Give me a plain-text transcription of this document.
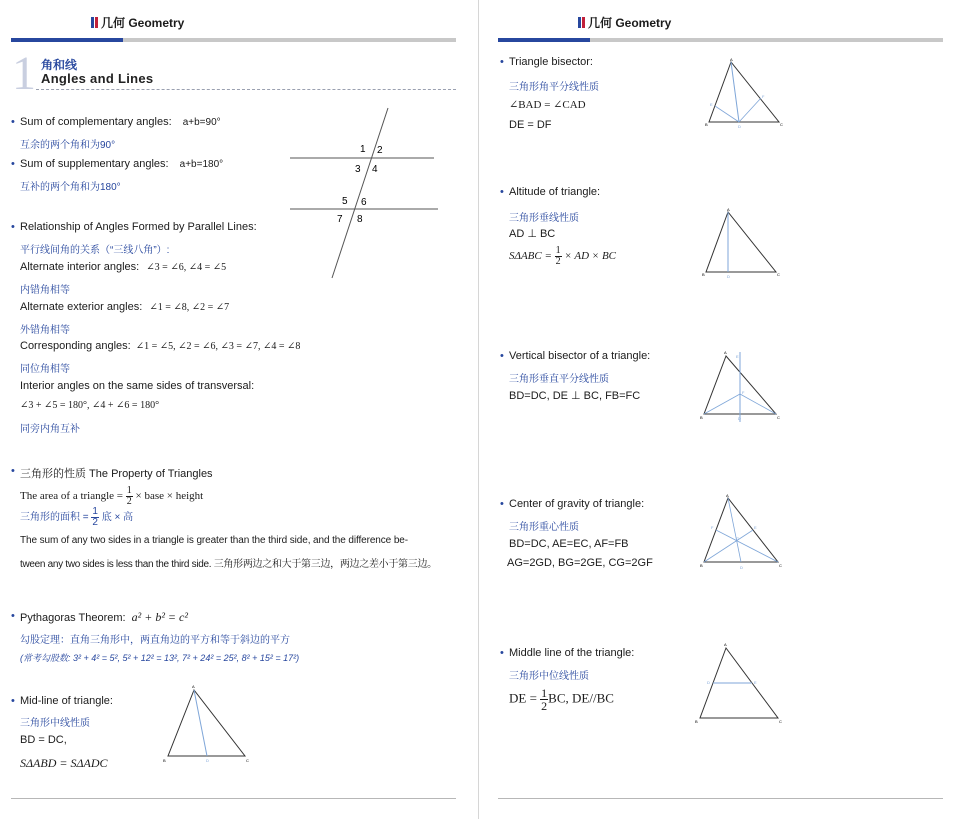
几何 Geometry
1 角和线
Angles and Lines
• Sum of complementary angles: a+b=90°
互余的两个角和为90°
• Sum of supplementary angles: a+b=180°
互补的两个角和为180°
1 2
3 4
5 6
7 8
• Relationship of Angles Formed by Parallel Lines:
平行线间角的关系（“三线八角”）:
Alternate interior angles: ∠3 = ∠6, ∠4 = ∠5
内错角相等
Alternate exterior angles: ∠1 = ∠8, ∠2 = ∠7
外错角相等
Corresponding angles: ∠1 = ∠5, ∠2 = ∠6, ∠3 = ∠7, ∠4 = ∠8
同位角相等
Interior angles on the same sides of transversal:
∠3 + ∠5 = 180°, ∠4 + ∠6 = 180°
同旁内角互补
• 三角形的性质 The Property of Triangles
The area of a triangle = $\frac{1}{2}$ × base × height
三角形的面积 = $\frac{1}{2}$ 底 × 高
The sum of any two sides in a triangle is greater than the third side, and the difference be-
tween any two sides is less than the third side. 三角形两边之和大于第三边，两边之差小于第三边。
• Pythagoras Theorem: a² + b² = c²
勾股定理：直角三角形中，两直角边的平方和等于斜边的平方
(常考勾股数: 3² + 4² = 5², 5² + 12² = 13², 7² + 24² = 25², 8² + 15² = 17²)
• Mid-line of triangle:
三角形中线性质
BD = DC,
SΔABD = SΔADC
A
B	C
D
几何 Geometry
• Triangle bisector:
三角形角平分线性质
∠BAD = ∠CAD
DE = DF
A
B	C
D
E
F
• Altitude of triangle:
三角形垂线性质
AD ⊥ BC
$S\Delta ABC = \frac{1}{2}$ × AD × BC
A
B	C
D
• Vertical bisector of a triangle:
三角形垂直平分线性质
BD=DC, DE ⊥ BC, FB=FC
A
B	C
D
E
F
• Center of gravity of triangle:
三角形重心性质
BD=DC, AE=EC, AF=FB
AG=2GD, BG=2GE, CG=2GF
A
B	C
D
E
F
G
• Middle line of the triangle:
三角形中位线性质
DE = $\frac{1}{2}$ BC, DE//BC
A
B	C
D	E
